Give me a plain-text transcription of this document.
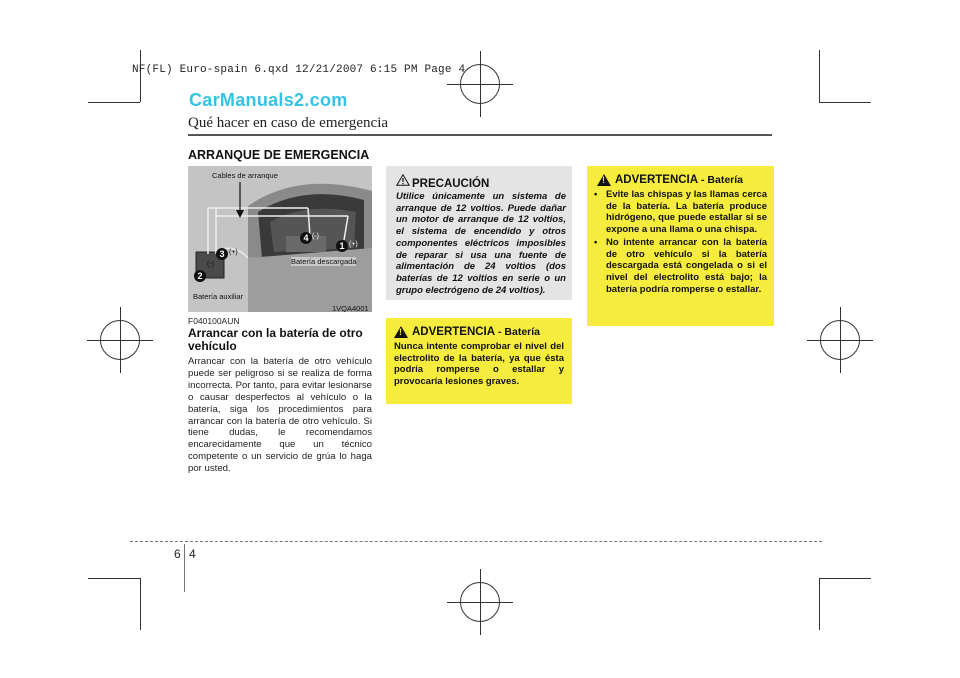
NF(FL) Euro-spain 6.qxd 12/21/2007 6:15 PM Page 4
CarManuals2.com
Qué hacer en caso de emergencia
ARRANQUE DE EMERGENCIA
Cables de arranque
Batería descargada
Batería auxiliar
1VQA4001
1
2
3
4
(+)
(-)
(+)
(-)
F040100AUN
Arrancar con la batería de otro vehículo
Arrancar con la batería de otro vehículo puede ser peligroso si se realiza de forma incorrecta. Por tanto, para evitar lesionarse o causar desperfectos al vehículo o la batería, siga los procedimientos para arrancar con la batería de otro vehículo. Si tiene dudas, le recomendamos encarecidamente que un técnico competente o un servicio de grúa lo haga por usted.
PRECAUCIÓN
Utilice únicamente un sistema de arranque de 12 voltios. Puede dañar un motor de arranque de 12 voltios, el sistema de encendido y otros componentes eléctricos imposibles de reparar si usa una fuente de alimentación de 24 voltios (dos baterías de 12 voltios en serie o un grupo electrógeno de 24 voltios).
!
ADVERTENCIA - Batería
Nunca intente comprobar el nivel del electrolito de la batería, ya que ésta podría romperse o estallar y provocaría lesiones graves.
!
ADVERTENCIA - Batería
• Evite las chispas y las llamas cerca de la batería. La batería produce hidrógeno, que puede estallar si se expone a una llama o una chispa.
• No intente arrancar con la batería de otro vehículo si la batería descargada está congelada o si el nivel del electrolito está bajo; la batería podría romperse o estallar.
6 4
